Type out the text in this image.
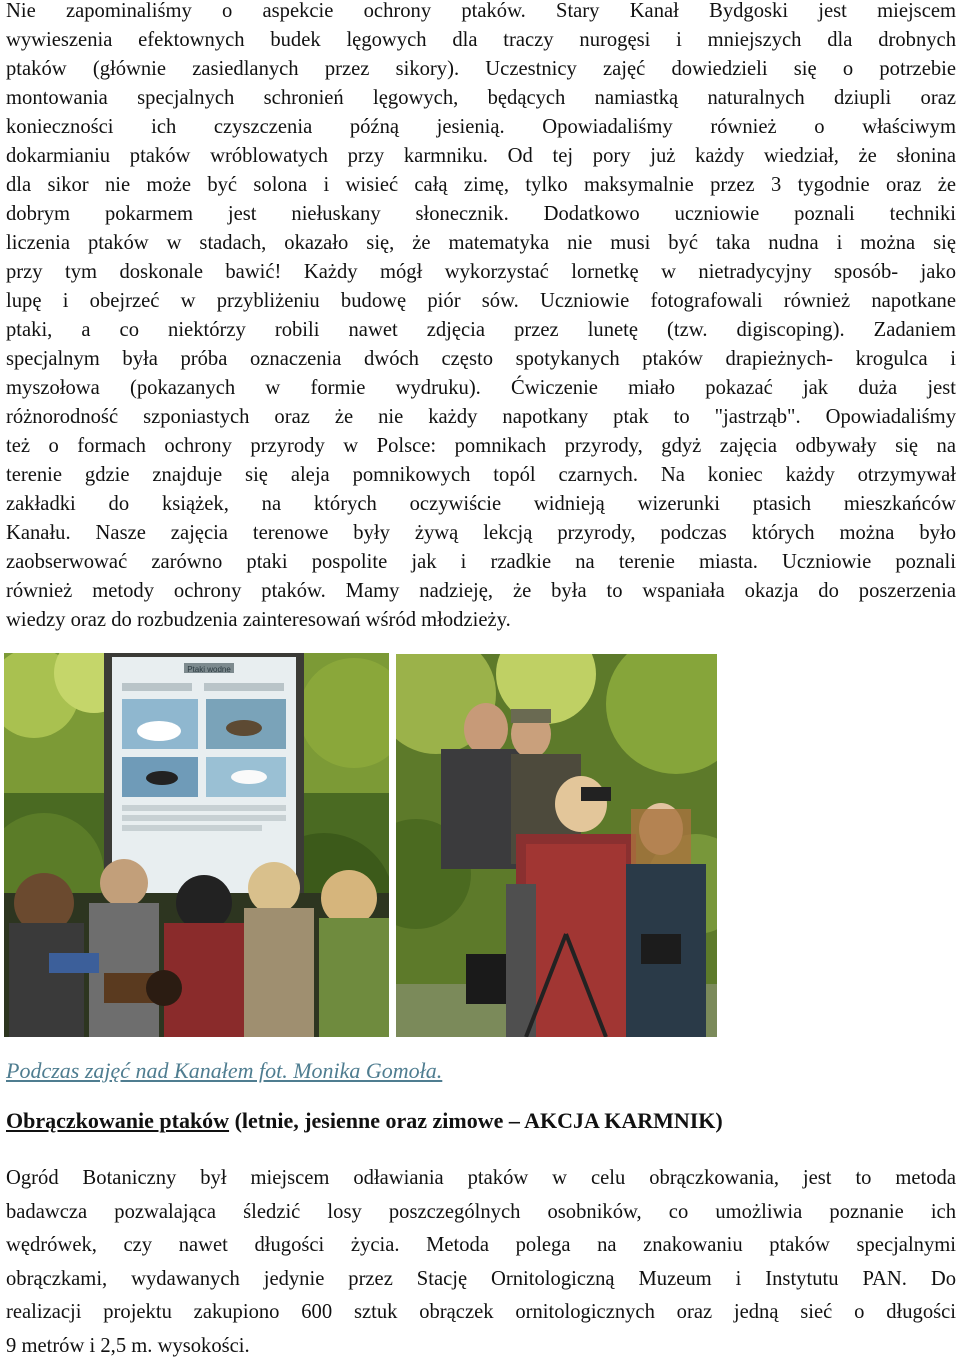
Nie zapominaliśmy o aspekcie ochrony ptaków. Stary Kanał Bydgoski jest miejscem
wywieszenia efektownych budek lęgowych dla traczy nurogęsi i mniejszych dla drobnych
ptaków (głównie zasiedlanych przez sikory). Uczestnicy zajęć dowiedzieli się o potrzebie
montowania specjalnych schronień lęgowych, będących namiastką naturalnych dziupli oraz
konieczności ich czyszczenia późną jesienią. Opowiadaliśmy również o właściwym
dokarmianiu ptaków wróblowatych przy karmniku. Od tej pory już każdy wiedział, że słonina
dla sikor nie może być solona i wisieć całą zimę, tylko maksymalnie przez 3 tygodnie oraz że
dobrym pokarmem jest niełuskany słonecznik. Dodatkowo uczniowie poznali techniki
liczenia ptaków w stadach, okazało się, że matematyka nie musi być taka nudna i można się
przy tym doskonale bawić! Każdy mógł wykorzystać lornetkę w nietradycyjny sposób- jako
lupę i obejrzeć w przybliżeniu budowę piór sów. Uczniowie fotografowali również napotkane
ptaki, a co niektórzy robili nawet zdjęcia przez lunetę (tzw. digiscoping). Zadaniem
specjalnym była próba oznaczenia dwóch często spotykanych ptaków drapieżnych- krogulca i
myszołowa (pokazanych w formie wydruku). Ćwiczenie miało pokazać jak duża jest
różnorodność szponiastych oraz że nie każdy napotkany ptak to "jastrząb". Opowiadaliśmy
też o formach ochrony przyrody w Polsce: pomnikach przyrody, gdyż zajęcia odbywały się na
terenie gdzie znajduje się aleja pomnikowych topól czarnych. Na koniec każdy otrzymywał
zakładki do książek, na których oczywiście widnieją wizerunki ptasich mieszkańców
Kanału. Nasze zajęcia terenowe były żywą lekcją przyrody, podczas których można było
zaobserwować zarówno ptaki pospolite jak i rzadkie na terenie miasta. Uczniowie poznali
również metody ochrony ptaków. Mamy nadzieję, że była to wspaniała okazja do poszerzenia
wiedzy oraz do rozbudzenia zainteresowań wśród młodzieży.

Ptaki wodne
Podczas zajęć nad Kanałem fot. Monika Gomoła.
Obrączkowanie ptaków (letnie, jesienne oraz zimowe – AKCJA KARMNIK)

Ogród Botaniczny był miejscem odławiania ptaków w celu obrączkowania, jest to metoda
badawcza pozwalająca śledzić losy poszczególnych osobników, co umożliwia poznanie ich
wędrówek, czy nawet długości życia. Metoda polega na znakowaniu ptaków specjalnymi
obrączkami, wydawanych jedynie przez Stację Ornitologiczną Muzeum i Instytutu PAN. Do
realizacji projektu zakupiono 600 sztuk obrączek ornitologicznych oraz jedną sieć o długości
9 metrów i 2,5 m. wysokości.
